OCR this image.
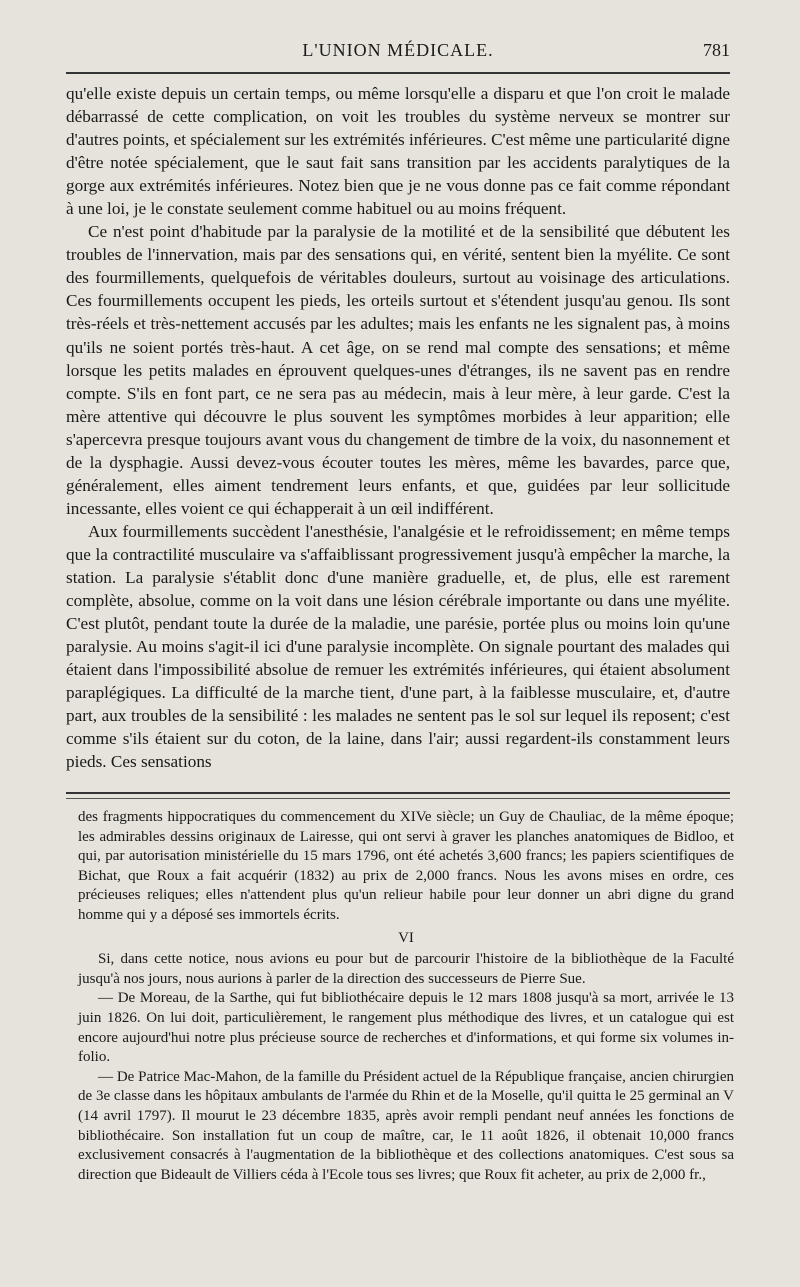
L'UNION MÉDICALE.	781

qu'elle existe depuis un certain temps, ou même lorsqu'elle a disparu et que l'on croit le malade débarrassé de cette complication, on voit les troubles du système nerveux se montrer sur d'autres points, et spécialement sur les extrémités inférieures. C'est même une particularité digne d'être notée spécialement, que le saut fait sans transition par les accidents paralytiques de la gorge aux extrémités inférieures. Notez bien que je ne vous donne pas ce fait comme répondant à une loi, je le constate seulement comme habituel ou au moins fréquent.

Ce n'est point d'habitude par la paralysie de la motilité et de la sensibilité que débutent les troubles de l'innervation, mais par des sensations qui, en vérité, sentent bien la myélite. Ce sont des fourmillements, quelquefois de véritables douleurs, surtout au voisinage des articulations. Ces fourmillements occupent les pieds, les orteils surtout et s'étendent jusqu'au genou. Ils sont très-réels et très-nettement accusés par les adultes; mais les enfants ne les signalent pas, à moins qu'ils ne soient portés très-haut. A cet âge, on se rend mal compte des sensations; et même lorsque les petits malades en éprouvent quelques-unes d'étranges, ils ne savent pas en rendre compte. S'ils en font part, ce ne sera pas au médecin, mais à leur mère, à leur garde. C'est la mère attentive qui découvre le plus souvent les symptômes morbides à leur apparition; elle s'apercevra presque toujours avant vous du changement de timbre de la voix, du nasonnement et de la dysphagie. Aussi devez-vous écouter toutes les mères, même les bavardes, parce que, généralement, elles aiment tendrement leurs enfants, et que, guidées par leur sollicitude incessante, elles voient ce qui échapperait à un œil indifférent.

Aux fourmillements succèdent l'anesthésie, l'analgésie et le refroidissement; en même temps que la contractilité musculaire va s'affaiblissant progressivement jusqu'à empêcher la marche, la station. La paralysie s'établit donc d'une manière graduelle, et, de plus, elle est rarement complète, absolue, comme on la voit dans une lésion cérébrale importante ou dans une myélite. C'est plutôt, pendant toute la durée de la maladie, une parésie, portée plus ou moins loin qu'une paralysie. Au moins s'agit-il ici d'une paralysie incomplète. On signale pourtant des malades qui étaient dans l'impossibilité absolue de remuer les extrémités inférieures, qui étaient absolument paraplégiques. La difficulté de la marche tient, d'une part, à la faiblesse musculaire, et, d'autre part, aux troubles de la sensibilité : les malades ne sentent pas le sol sur lequel ils reposent; c'est comme s'ils étaient sur du coton, de la laine, dans l'air; aussi regardent-ils constamment leurs pieds. Ces sensations

des fragments hippocratiques du commencement du XIVe siècle; un Guy de Chauliac, de la même époque; les admirables dessins originaux de Lairesse, qui ont servi à graver les planches anatomiques de Bidloo, et qui, par autorisation ministérielle du 15 mars 1796, ont été achetés 3,600 francs; les papiers scientifiques de Bichat, que Roux a fait acquérir (1832) au prix de 2,000 francs. Nous les avons mises en ordre, ces précieuses reliques; elles n'attendent plus qu'un relieur habile pour leur donner un abri digne du grand homme qui y a déposé ses immortels écrits.

VI

Si, dans cette notice, nous avions eu pour but de parcourir l'histoire de la bibliothèque de la Faculté jusqu'à nos jours, nous aurions à parler de la direction des successeurs de Pierre Sue.

— De Moreau, de la Sarthe, qui fut bibliothécaire depuis le 12 mars 1808 jusqu'à sa mort, arrivée le 13 juin 1826. On lui doit, particulièrement, le rangement plus méthodique des livres, et un catalogue qui est encore aujourd'hui notre plus précieuse source de recherches et d'informations, et qui forme six volumes in-folio.

— De Patrice Mac-Mahon, de la famille du Président actuel de la République française, ancien chirurgien de 3e classe dans les hôpitaux ambulants de l'armée du Rhin et de la Moselle, qu'il quitta le 25 germinal an V (14 avril 1797). Il mourut le 23 décembre 1835, après avoir rempli pendant neuf années les fonctions de bibliothécaire. Son installation fut un coup de maître, car, le 11 août 1826, il obtenait 10,000 francs exclusivement consacrés à l'augmentation de la bibliothèque et des collections anatomiques. C'est sous sa direction que Bideault de Villiers céda à l'Ecole tous ses livres; que Roux fit acheter, au prix de 2,000 fr.,
